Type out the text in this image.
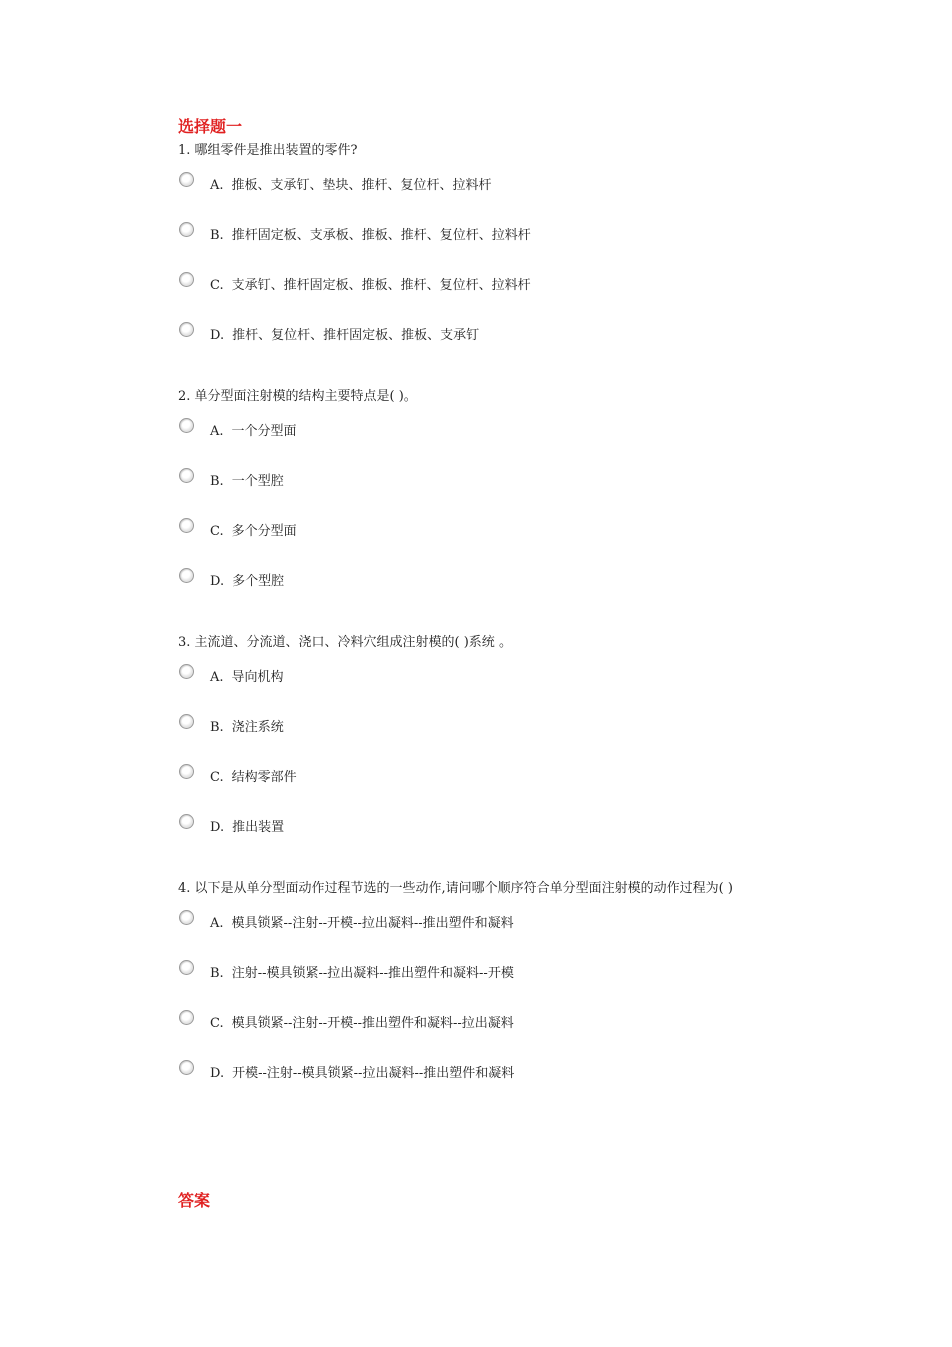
选择题一

1. 哪组零件是推出装置的零件?

A. 推板、支承钉、垫块、推杆、复位杆、拉料杆
B. 推杆固定板、支承板、推板、推杆、复位杆、拉料杆
C. 支承钉、推杆固定板、推板、推杆、复位杆、拉料杆
D. 推杆、复位杆、推杆固定板、推板、支承钉

2. 单分型面注射模的结构主要特点是( )。

A. 一个分型面
B. 一个型腔
C. 多个分型面
D. 多个型腔

3. 主流道、分流道、浇口、冷料穴组成注射模的( )系统 。

A. 导向机构
B. 浇注系统
C. 结构零部件
D. 推出装置

4. 以下是从单分型面动作过程节选的一些动作,请问哪个顺序符合单分型面注射模的动作过程为( )

A. 模具锁紧--注射--开模--拉出凝料--推出塑件和凝料
B. 注射--模具锁紧--拉出凝料--推出塑件和凝料--开模
C. 模具锁紧--注射--开模--推出塑件和凝料--拉出凝料
D. 开模--注射--模具锁紧--拉出凝料--推出塑件和凝料
答案
